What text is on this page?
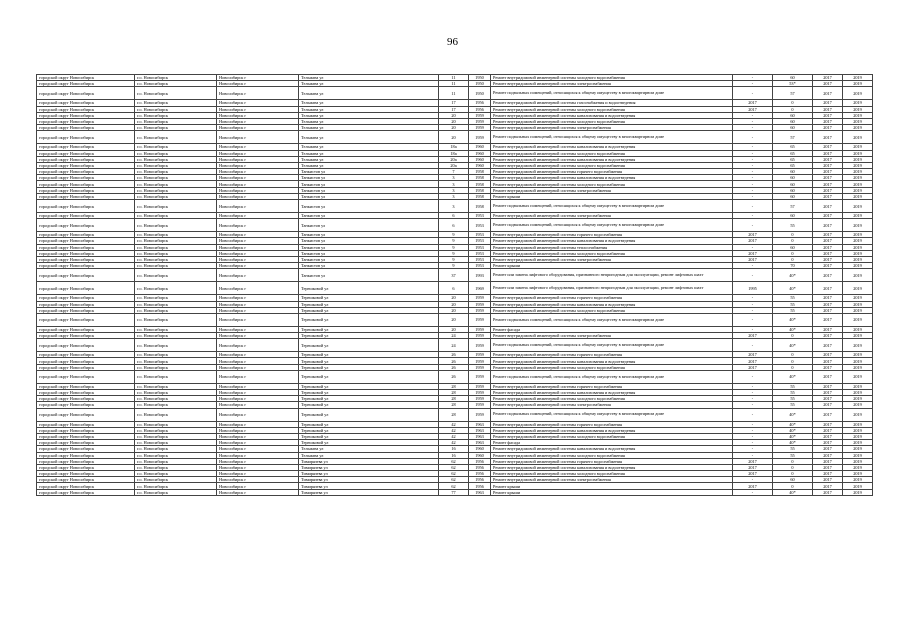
96
городской округ Новосибирск	г.о. Новосибирск	Новосибирск г	Тельмана ул	11	1950	Ремонт внутридомовой инженерной системы холодного водоснабжения	-	60	2017	2019
городской округ Новосибирск	г.о. Новосибирск	Новосибирск г	Тельмана ул	11	1950	Ремонт внутридомовой инженерной системы электроснабжения	-	53*	2017	2019
городской округ Новосибирск	г.о. Новосибирск	Новосибирск г	Тельмана ул	11	1950	Ремонт подвальных помещений, относящихся к общему имуществу в многоквартирном доме	-	57	2017	2019
городской округ Новосибирск	г.о. Новосибирск	Новосибирск г	Тельмана ул	17	1956	Ремонт внутридомовой инженерной системы газоснабжения и водоотведения	2017	0	2017	2019
городской округ Новосибирск	г.о. Новосибирск	Новосибирск г	Тельмана ул	17	1956	Ремонт внутридомовой инженерной системы холодного водоснабжения	2017	0	2017	2019
городской округ Новосибирск	г.о. Новосибирск	Новосибирск г	Тельмана ул	20	1959	Ремонт внутридомовой инженерной системы канализования и водоотведения	-	60	2017	2019
городской округ Новосибирск	г.о. Новосибирск	Новосибирск г	Тельмана ул	20	1959	Ремонт внутридомовой инженерной системы холодного водоснабжения	-	60	2017	2019
городской округ Новосибирск	г.о. Новосибирск	Новосибирск г	Тельмана ул	20	1959	Ремонт внутридомовой инженерной системы электроснабжения	-	60	2017	2019
городской округ Новосибирск	г.о. Новосибирск	Новосибирск г	Тельмана ул	20	1959	Ремонт подвальных помещений, относящихся к общему имуществу в многоквартирном доме	-	57	2017	2019
городской округ Новосибирск	г.о. Новосибирск	Новосибирск г	Тельмана ул	18а	1960	Ремонт внутридомовой инженерной системы канализования и водоотведения	-	65	2017	2019
городской округ Новосибирск	г.о. Новосибирск	Новосибирск г	Тельмана ул	18а	1960	Ремонт внутридомовой инженерной системы холодного водоснабжения	-	65	2017	2019
городской округ Новосибирск	г.о. Новосибирск	Новосибирск г	Тельмана ул	20а	1960	Ремонт внутридомовой инженерной системы канализования и водоотведения	-	65	2017	2019
городской округ Новосибирск	г.о. Новосибирск	Новосибирск г	Тельмана ул	20а	1960	Ремонт внутридомовой инженерной системы холодного водоснабжения	-	65	2017	2019
городской округ Новосибирск	г.о. Новосибирск	Новосибирск г	Танкистов ул	7	1958	Ремонт внутридомовой инженерной системы горячего водоснабжения	-	60	2017	2019
городской округ Новосибирск	г.о. Новосибирск	Новосибирск г	Танкистов ул	3	1958	Ремонт внутридомовой инженерной системы канализования и водоотведения	-	60	2017	2019
городской округ Новосибирск	г.о. Новосибирск	Новосибирск г	Танкистов ул	3	1958	Ремонт внутридомовой инженерной системы холодного водоснабжения	-	60	2017	2019
городской округ Новосибирск	г.о. Новосибирск	Новосибирск г	Танкистов ул	3	1958	Ремонт внутридомовой инженерной системы электроснабжения	-	60	2017	2019
городской округ Новосибирск	г.о. Новосибирск	Новосибирск г	Танкистов ул	3	1958	Ремонт крыши	-	60	2017	2019
городской округ Новосибирск	г.о. Новосибирск	Новосибирск г	Танкистов ул	3	1958	Ремонт подвальных помещений, относящихся к общему имуществу в многоквартирном доме	-	57	2017	2019
городской округ Новосибирск	г.о. Новосибирск	Новосибирск г	Танкистов ул	6	1953	Ремонт внутридомовой инженерной системы электроснабжения	-	60	2017	2019
городской округ Новосибирск	г.о. Новосибирск	Новосибирск г	Танкистов ул	6	1953	Ремонт подвальных помещений, относящихся к общему имуществу в многоквартирном доме	-	55	2017	2019
городской округ Новосибирск	г.о. Новосибирск	Новосибирск г	Танкистов ул	9	1953	Ремонт внутридомовой инженерной системы горячего водоснабжения	2017	0	2017	2019
городской округ Новосибирск	г.о. Новосибирск	Новосибирск г	Танкистов ул	9	1953	Ремонт внутридомовой инженерной системы канализования и водоотведения	2017	0	2017	2019
городской округ Новосибирск	г.о. Новосибирск	Новосибирск г	Танкистов ул	9	1953	Ремонт внутридомовой инженерной системы теплоснабжения	-	60	2017	2019
городской округ Новосибирск	г.о. Новосибирск	Новосибирск г	Танкистов ул	9	1953	Ремонт внутридомовой инженерной системы холодного водоснабжения	2017	0	2017	2019
городской округ Новосибирск	г.о. Новосибирск	Новосибирск г	Танкистов ул	9	1953	Ремонт внутридомовой инженерной системы электроснабжения	2017	0	2017	2019
городской округ Новосибирск	г.о. Новосибирск	Новосибирск г	Танкистов ул	9	1953	Ремонт крыши	-	70	2017	2019
городской округ Новосибирск	г.о. Новосибирск	Новосибирск г	Танкистов ул	37	1993	Ремонт или замена лифтового оборудования, признанного непригодным для эксплуатации, ремонт лифтовых шахт	-	40*	2017	2019
городской округ Новосибирск	г.о. Новосибирск	Новосибирск г	Терешковой ул	6	1969	Ремонт или замена лифтового оборудования, признанного непригодным для эксплуатации, ремонт лифтовых шахт	1995	40*	2017	2019
городской округ Новосибирск	г.о. Новосибирск	Новосибирск г	Терешковой ул	20	1959	Ремонт внутридомовой инженерной системы горячего водоснабжения	-	55	2017	2019
городской округ Новосибирск	г.о. Новосибирск	Новосибирск г	Терешковой ул	20	1959	Ремонт внутридомовой инженерной системы канализования и водоотведения	-	55	2017	2019
городской округ Новосибирск	г.о. Новосибирск	Новосибирск г	Терешковой ул	20	1959	Ремонт внутридомовой инженерной системы холодного водоснабжения	-	55	2017	2019
городской округ Новосибирск	г.о. Новосибирск	Новосибирск г	Терешковой ул	20	1959	Ремонт подвальных помещений, относящихся к общему имуществу в многоквартирном доме	-	40*	2017	2019
городской округ Новосибирск	г.о. Новосибирск	Новосибирск г	Терешковой ул	20	1959	Ремонт фасада	-	40*	2017	2019
городской округ Новосибирск	г.о. Новосибирск	Новосибирск г	Терешковой ул	24	1959	Ремонт внутридомовой инженерной системы электроснабжения	2017	0	2017	2019
городской округ Новосибирск	г.о. Новосибирск	Новосибирск г	Терешковой ул	24	1959	Ремонт подвальных помещений, относящихся к общему имуществу в многоквартирном доме	-	40*	2017	2019
городской округ Новосибирск	г.о. Новосибирск	Новосибирск г	Терешковой ул	26	1959	Ремонт внутридомовой инженерной системы горячего водоснабжения	2017	0	2017	2019
городской округ Новосибирск	г.о. Новосибирск	Новосибирск г	Терешковой ул	26	1959	Ремонт внутридомовой инженерной системы канализования и водоотведения	2017	0	2017	2019
городской округ Новосибирск	г.о. Новосибирск	Новосибирск г	Терешковой ул	26	1959	Ремонт внутридомовой инженерной системы холодного водоснабжения	2017	0	2017	2019
городской округ Новосибирск	г.о. Новосибирск	Новосибирск г	Терешковой ул	26	1959	Ремонт подвальных помещений, относящихся к общему имуществу в многоквартирном доме	-	40*	2017	2019
городской округ Новосибирск	г.о. Новосибирск	Новосибирск г	Терешковой ул	28	1959	Ремонт внутридомовой инженерной системы горячего водоснабжения	-	55	2017	2019
городской округ Новосибирск	г.о. Новосибирск	Новосибирск г	Терешковой ул	28	1959	Ремонт внутридомовой инженерной системы канализования и водоотведения	-	55	2017	2019
городской округ Новосибирск	г.о. Новосибирск	Новосибирск г	Терешковой ул	28	1959	Ремонт внутридомовой инженерной системы холодного водоснабжения	-	55	2017	2019
городской округ Новосибирск	г.о. Новосибирск	Новосибирск г	Терешковой ул	28	1959	Ремонт внутридомовой инженерной системы электроснабжения	-	55	2017	2019
городской округ Новосибирск	г.о. Новосибирск	Новосибирск г	Терешковой ул	28	1959	Ремонт подвальных помещений, относящихся к общему имуществу в многоквартирном доме	-	40*	2017	2019
городской округ Новосибирск	г.о. Новосибирск	Новосибирск г	Терешковой ул	42	1963	Ремонт внутридомовой инженерной системы горячего водоснабжения	-	40*	2017	2019
городской округ Новосибирск	г.о. Новосибирск	Новосибирск г	Терешковой ул	42	1963	Ремонт внутридомовой инженерной системы канализования и водоотведения	-	40*	2017	2019
городской округ Новосибирск	г.о. Новосибирск	Новосибирск г	Терешковой ул	42	1963	Ремонт внутридомовой инженерной системы холодного водоснабжения	-	40*	2017	2019
городской округ Новосибирск	г.о. Новосибирск	Новосибирск г	Терешковой ул	42	1963	Ремонт фасада	-	40*	2017	2019
городской округ Новосибирск	г.о. Новосибирск	Новосибирск г	Тельмана ул	16	1960	Ремонт внутридомовой инженерной системы канализования и водоотведения	-	55	2017	2019
городской округ Новосибирск	г.о. Новосибирск	Новосибирск г	Тельмана ул	16	1960	Ремонт внутридомовой инженерной системы холодного водоснабжения	-	55	2017	2019
городской округ Новосибирск	г.о. Новосибирск	Новосибирск г	Тимирязева ул	62	1956	Ремонт внутридомовой инженерной системы горячего водоснабжения	2017	0	2017	2019
городской округ Новосибирск	г.о. Новосибирск	Новосибирск г	Тимирязева ул	62	1956	Ремонт внутридомовой инженерной системы канализования и водоотведения	2017	0	2017	2019
городской округ Новосибирск	г.о. Новосибирск	Новосибирск г	Тимирязева ул	62	1956	Ремонт внутридомовой инженерной системы холодного водоснабжения	2017	0	2017	2019
городской округ Новосибирск	г.о. Новосибирск	Новосибирск г	Тимирязева ул	62	1956	Ремонт внутридомовой инженерной системы электроснабжения	-	60	2017	2019
городской округ Новосибирск	г.о. Новосибирск	Новосибирск г	Тимирязева ул	62	1956	Ремонт крыши	2017	0	2017	2019
городской округ Новосибирск	г.о. Новосибирск	Новосибирск г	Тимирязева ул	77	1963	Ремонт крыши	-	40*	2017	2019
